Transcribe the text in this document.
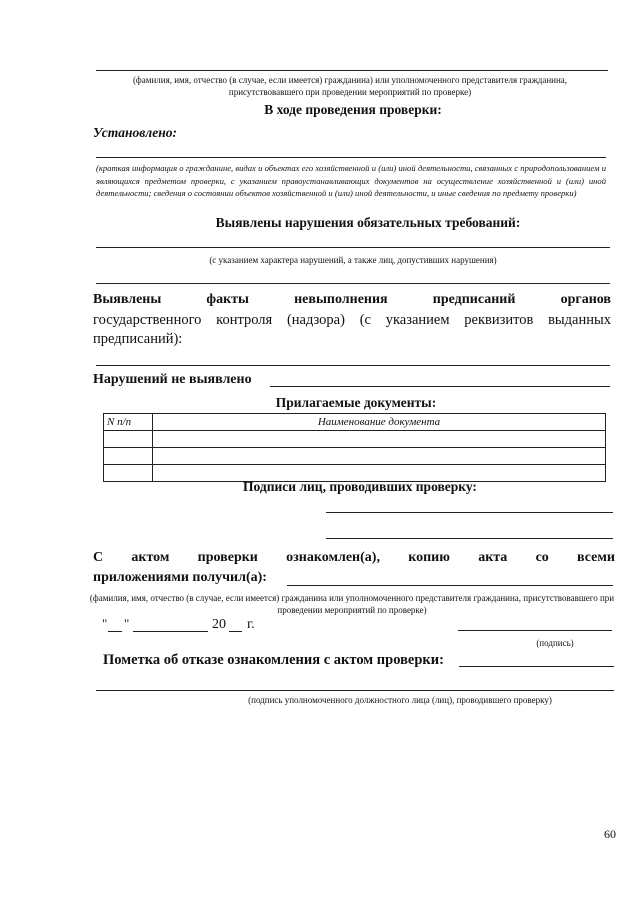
(фамилия, имя, отчество (в случае, если имеется) гражданина) или уполномоченного представителя гражданина, присутствовавшего при проведении мероприятий по проверке)
В ходе проведения проверки:
Установлено:
(краткая информация о гражданине, видах и объектах его хозяйственной и (или) иной деятельности, связанных с природопользованием и являющихся предметом проверки, с указанием правоустанавливающих документов на осуществление хозяйственной и (или) иной деятельности; сведения о состоянии объектов хозяйственной и (или) иной деятельности, и иные сведения по предмету проверки)
Выявлены нарушения обязательных требований:
(с указанием характера нарушений, а также лиц, допустивших нарушения)
Выявлены факты невыполнения предписаний органов
государственного контроля (надзора) (с указанием реквизитов выданных
предписаний):
Нарушений не выявлено
Прилагаемые документы:
N п/п	Наименование документа

Подписи лиц, проводивших проверку:
С актом проверки ознакомлен(а), копию акта со всеми
приложениями получил(а):
(фамилия, имя, отчество (в случае, если имеется) гражданина или уполномоченного представителя гражданина, присутствовавшего при проведении мероприятий по проверке)
" "	20 г.
(подпись)
Пометка об отказе ознакомления с актом проверки:
(подпись уполномоченного должностного лица (лиц), проводившего проверку)
60
